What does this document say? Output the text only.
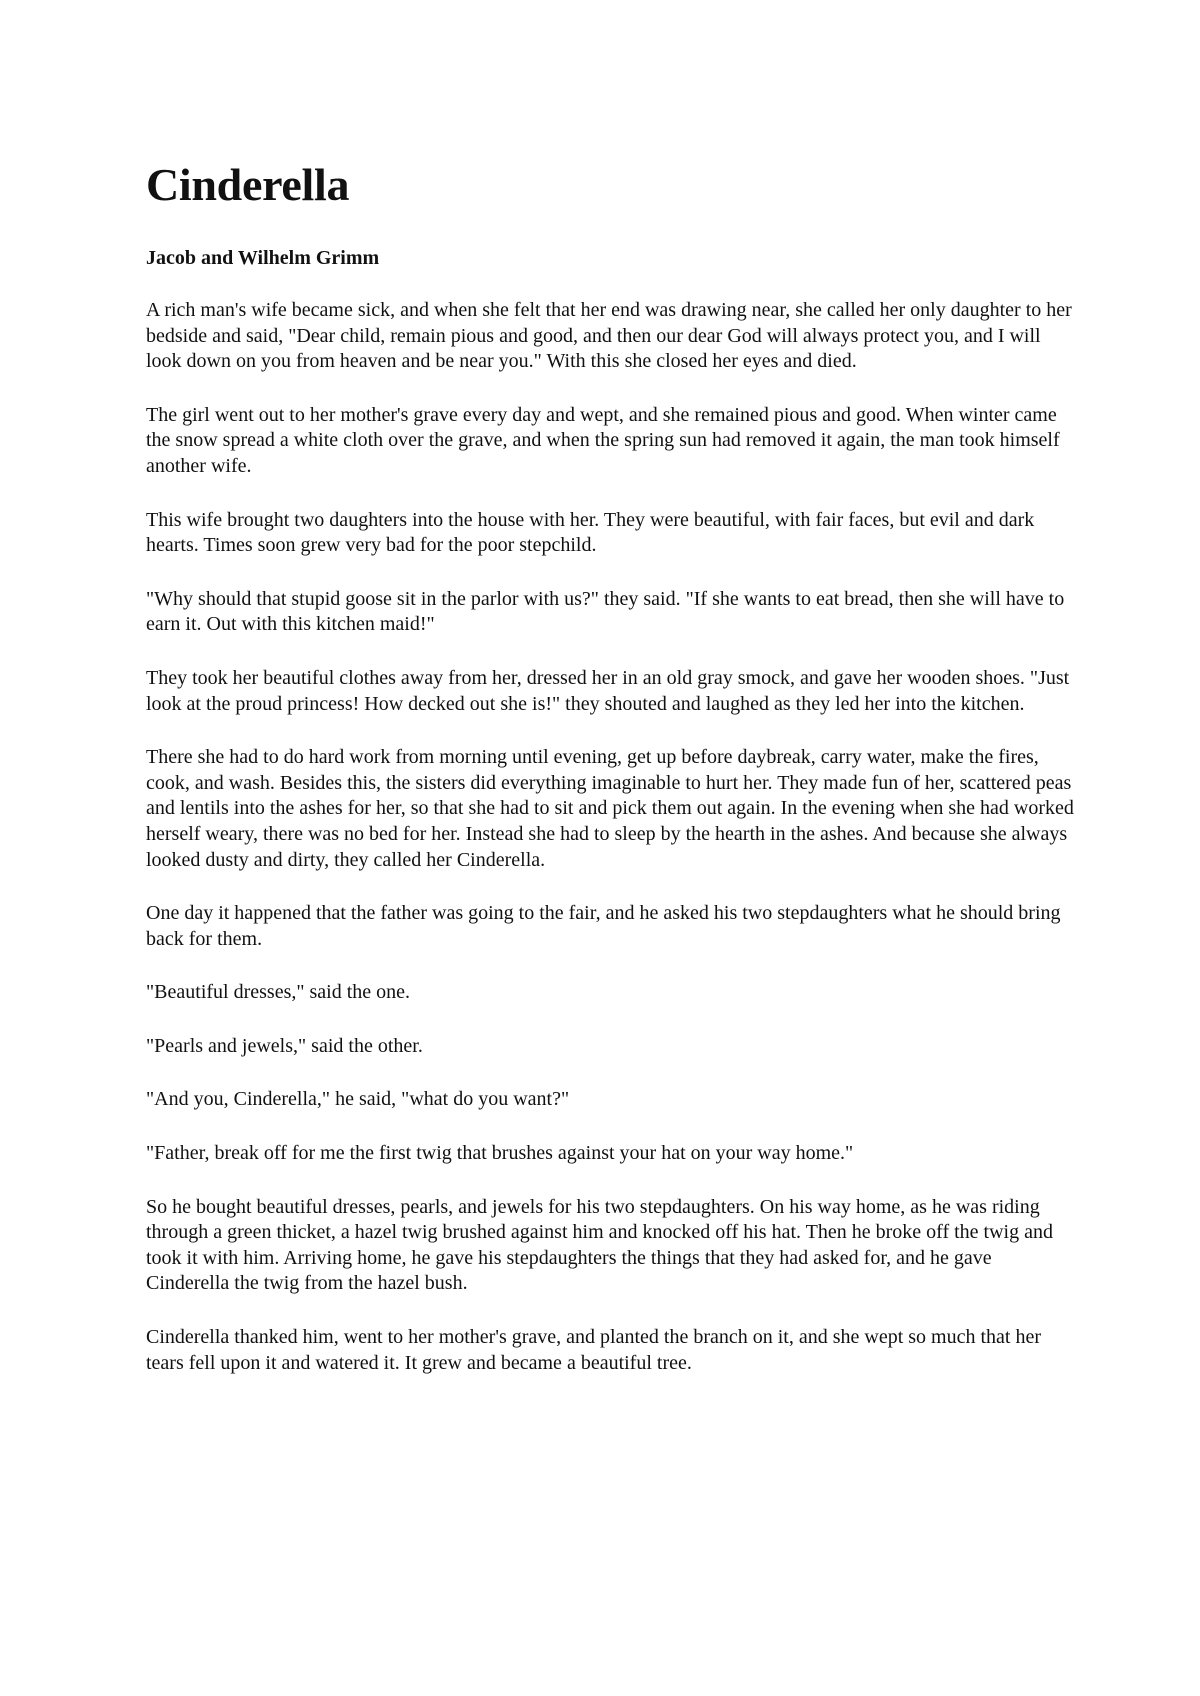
Cinderella
Jacob and Wilhelm Grimm

A rich man's wife became sick, and when she felt that her end was drawing near, she called her only daughter to her bedside and said, "Dear child, remain pious and good, and then our dear God will always protect you, and I will look down on you from heaven and be near you." With this she closed her eyes and died.

The girl went out to her mother's grave every day and wept, and she remained pious and good. When winter came the snow spread a white cloth over the grave, and when the spring sun had removed it again, the man took himself another wife.

This wife brought two daughters into the house with her. They were beautiful, with fair faces, but evil and dark hearts. Times soon grew very bad for the poor stepchild.

"Why should that stupid goose sit in the parlor with us?" they said. "If she wants to eat bread, then she will have to earn it. Out with this kitchen maid!"

They took her beautiful clothes away from her, dressed her in an old gray smock, and gave her wooden shoes. "Just look at the proud princess! How decked out she is!" they shouted and laughed as they led her into the kitchen.

There she had to do hard work from morning until evening, get up before daybreak, carry water, make the fires, cook, and wash. Besides this, the sisters did everything imaginable to hurt her. They made fun of her, scattered peas and lentils into the ashes for her, so that she had to sit and pick them out again. In the evening when she had worked herself weary, there was no bed for her. Instead she had to sleep by the hearth in the ashes. And because she always looked dusty and dirty, they called her Cinderella.

One day it happened that the father was going to the fair, and he asked his two stepdaughters what he should bring back for them.

"Beautiful dresses," said the one.

"Pearls and jewels," said the other.

"And you, Cinderella," he said, "what do you want?"

"Father, break off for me the first twig that brushes against your hat on your way home."

So he bought beautiful dresses, pearls, and jewels for his two stepdaughters. On his way home, as he was riding through a green thicket, a hazel twig brushed against him and knocked off his hat. Then he broke off the twig and took it with him. Arriving home, he gave his stepdaughters the things that they had asked for, and he gave Cinderella the twig from the hazel bush.

Cinderella thanked him, went to her mother's grave, and planted the branch on it, and she wept so much that her tears fell upon it and watered it. It grew and became a beautiful tree.
